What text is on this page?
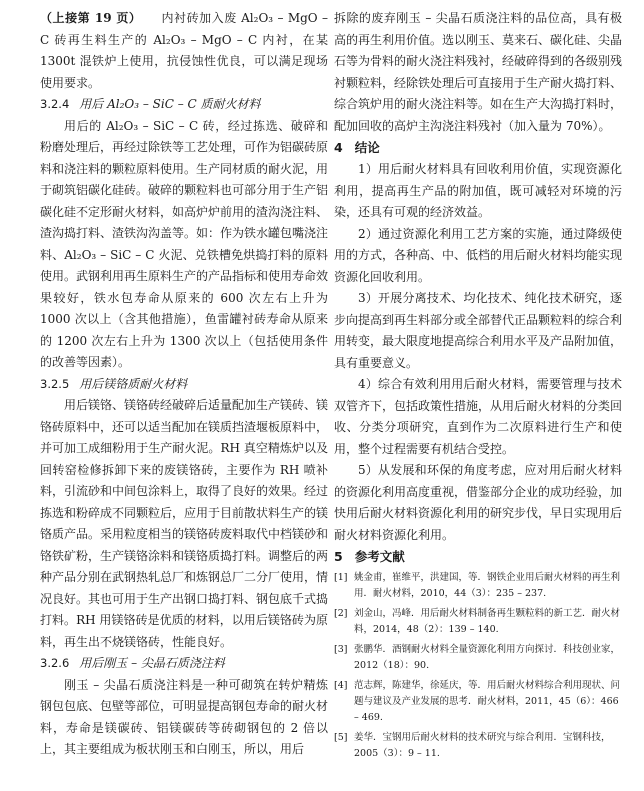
（上接第 19 页） 内衬砖加入废 Al₂O₃ – MgO – C 砖再生料生产的 Al₂O₃ – MgO – C 内衬，在某 1300t 混铁炉上使用，抗侵蚀性优良，可以满足现场使用要求。

3.2.4 用后 Al₂O₃ – SiC – C 质耐火材料

用后的 Al₂O₃ – SiC – C 砖，经过拣选、破碎和粉磨处理后，再经过除铁等工艺处理，可作为铝碳砖原料和浇注料的颗粒原料使用。生产同材质的耐火泥，用于砌筑铝碳化硅砖。破碎的颗粒料也可部分用于生产铝碳化硅不定形耐火材料，如高炉炉前用的渣沟浇注料、渣沟捣打料、渣铁沟沟盖等。如：作为铁水罐包嘴浇注料、Al₂O₃ – SiC – C 火泥、兑铁槽免烘捣打料的原料使用。武钢利用再生原料生产的产品指标和使用寿命效果较好，铁水包寿命从原来的 600 次左右上升为 1000 次以上（含其他措施），鱼雷罐衬砖寿命从原来的 1200 次左右上升为 1300 次以上（包括使用条件的改善等因素）。

3.2.5 用后镁铬质耐火材料

用后镁铬、镁铬砖经破碎后适量配加生产镁砖、镁铬砖原料中，还可以适当配加在镁质挡渣堰板原料中，并可加工成细粉用于生产耐火泥。RH 真空精炼炉以及回转窑检修拆卸下来的废镁铬砖，主要作为 RH 喷补料，引流砂和中间包涂料上，取得了良好的效果。经过拣选和粉碎成不同颗粒后，应用于目前散状料生产的镁铬质产品。采用粒度相当的镁铬砖废料取代中档镁砂和铬铁矿粉，生产镁铬涂料和镁铬质捣打料。调整后的两种产品分别在武钢热轧总厂和炼钢总厂二分厂使用，情况良好。其也可用于生产出钢口捣打料、钢包底千式捣打料。RH 用镁铬砖是优质的材料，以用后镁铬砖为原料，再生出不烧镁铬砖，性能良好。

3.2.6 用后刚玉 – 尖晶石质浇注料

刚玉 – 尖晶石质浇注料是一种可砌筑在转炉精炼钢包包底、包壁等部位，可明显提高钢包寿命的耐火材料，寿命是镁碳砖、铝镁碳砖等砖砌钢包的 2 倍以上，其主要组成为板状刚玉和白刚玉，所以，用后

拆除的废弃刚玉 – 尖晶石质浇注料的品位高，具有极高的再生利用价值。选以刚玉、莫来石、碳化硅、尖晶石等为骨料的耐火浇注料残衬，经破碎得到的各级别残衬颗粒料，经除铁处理后可直接用于生产耐火捣打料、综合筑炉用的耐火浇注料等。如在生产大沟捣打料时，配加回收的高炉主沟浇注料残衬（加入量为 70%）。

4 结论

1）用后耐火材料具有回收利用价值，实现资源化利用，提高再生产品的附加值，既可减轻对环境的污染，还具有可观的经济效益。

2）通过资源化利用工艺方案的实施，通过降级使用的方式，各种高、中、低档的用后耐火材料均能实现资源化回收利用。

3）开展分离技术、均化技术、纯化技术研究，逐步向提高到再生料部分或全部替代正品颗粒料的综合利用转变，最大限度地提高综合利用水平及产品附加值，具有重要意义。

4）综合有效利用用后耐火材料，需要管理与技术双管齐下，包括政策性措施，从用后耐火材料的分类回收、分类分项研究，直到作为二次原料进行生产和使用，整个过程需要有机结合受控。

5）从发展和环保的角度考虑，应对用后耐火材料的资源化利用高度重视，借鉴部分企业的成功经验，加快用后耐火材料资源化利用的研究步伐，早日实现用后耐火材料资源化利用。

5 参考文献
[1] 姚金甫，崔维平，洪建国，等．钢铁企业用后耐火材料的再生利用．耐火材料，2010，44（3）：235 – 237.
[2] 刘金山，冯峰．用后耐火材料制备再生颗粒料的新工艺．耐火材料，2014，48（2）：139 – 140.
[3] 张鹏华．酒钢耐火材料全量资源化利用方向探讨．科技创业家，2012（18）：90.
[4] 范志辉，陈建华，徐延庆，等．用后耐火材料综合利用现状、问题与建议及产业发展的思考．耐火材料，2011，45（6）：466 – 469.
[5] 姜华．宝钢用后耐火材料的技术研究与综合利用．宝钢科技，2005（3）：9 – 11.
